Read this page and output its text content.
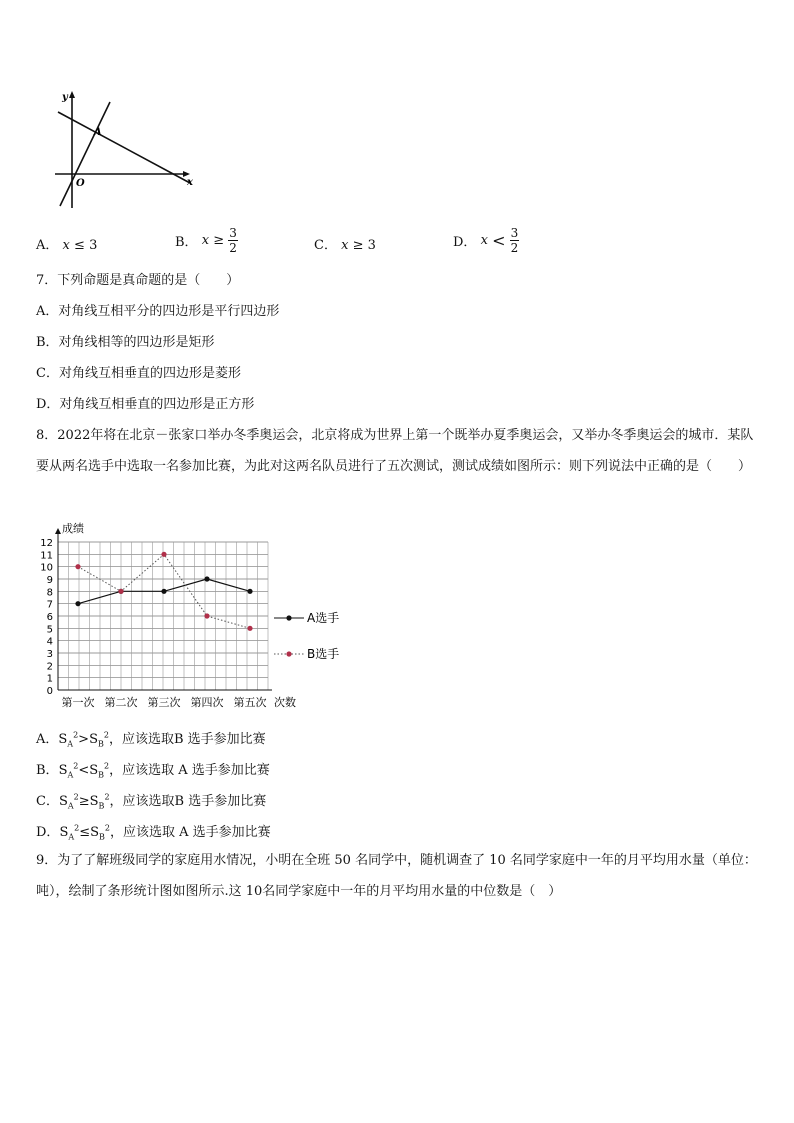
y
x
O
A
A． x ≤ 3	B． $x \ge \frac{3}{2}$	C． x ≥ 3	D． $x < \frac{3}{2}$
7．下列命题是真命题的是（　　）
A．对角线互相平分的四边形是平行四边形
B．对角线相等的四边形是矩形
C．对角线互相垂直的四边形是菱形
D．对角线互相垂直的四边形是正方形
8．2022年将在北京－张家口举办冬季奥运会，北京将成为世界上第一个既举办夏季奥运会，又举办冬季奥运会的城市．某队要从两名选手中选取一名参加比赛，为此对这两名队员进行了五次测试，测试成绩如图所示：则下列说法中正确的是（　　）
0
1
2
3
4
5
6
7
8
9
10
11
12
第一次 第二次 第三次 第四次 第五次
A选手
B选手
成绩
次数
A．$S_A^2>S_B^2$，应该选取B 选手参加比赛
B．$S_A^2<S_B^2$，应该选取 A 选手参加比赛
C．$S_A^2\ge S_B^2$，应该选取B 选手参加比赛
D．$S_A^2\le S_B^2$，应该选取 A 选手参加比赛
9．为了了解班级同学的家庭用水情况，小明在全班 50 名同学中，随机调查了 10 名同学家庭中一年的月平均用水量（单位：吨），绘制了条形统计图如图所示.这 10名同学家庭中一年的月平均用水量的中位数是（　）
